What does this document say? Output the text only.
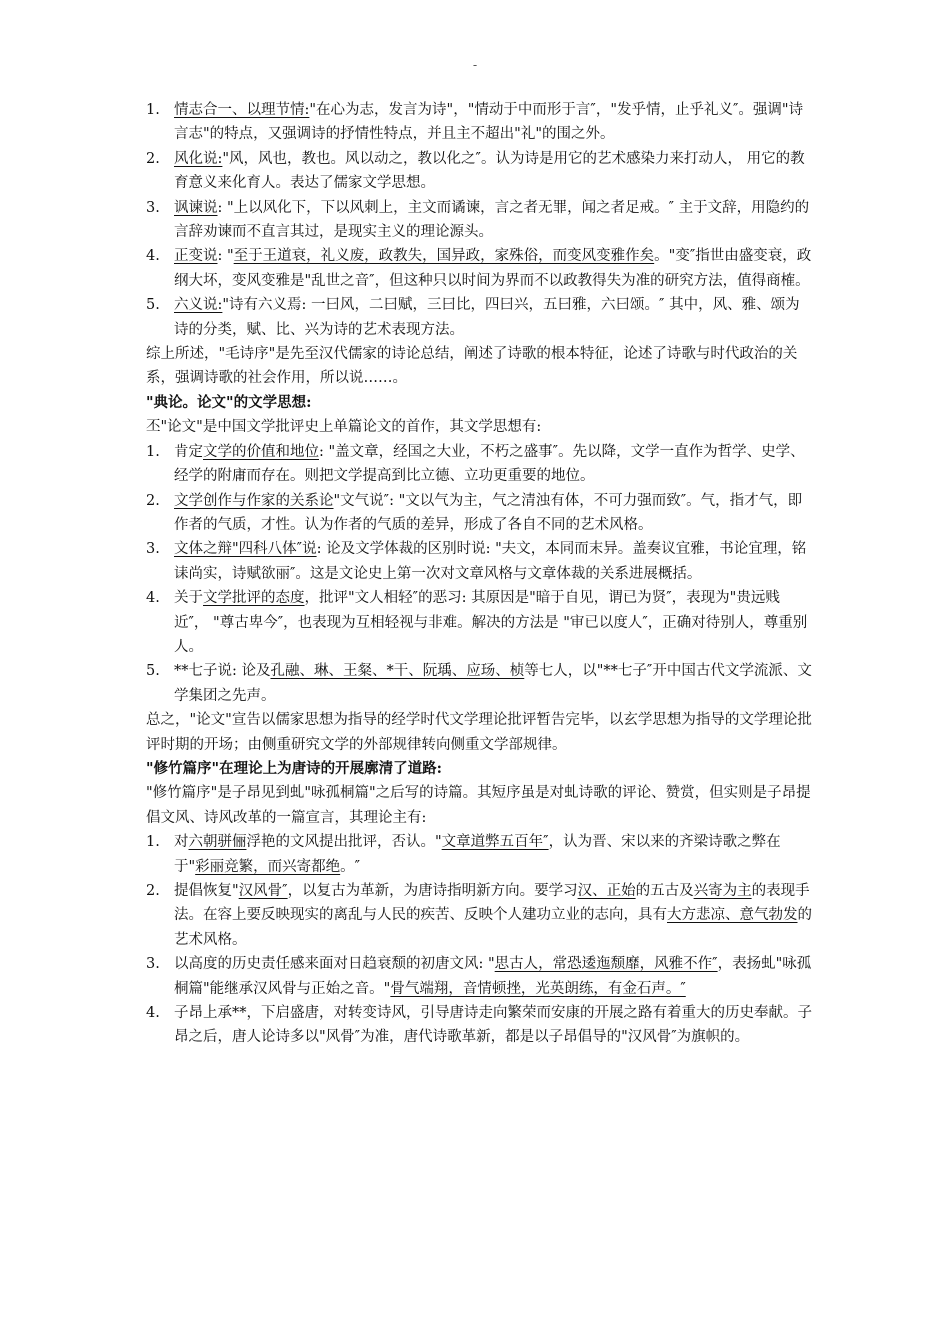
-
1. 情志合一、以理节情:"在心为志，发言为诗"，"情动于中而形于言″，"发乎情，止乎礼义″。强调"诗言志"的特点，又强调诗的抒情性特点，并且主不超出"礼"的围之外。
2. 风化说:"风，风也，教也。风以动之，教以化之″。认为诗是用它的艺术感染力来打动人， 用它的教育意义来化育人。表达了儒家文学思想。
3. 讽谏说: "上以风化下，下以风刺上，主文而谲谏，言之者无罪，闻之者足戒。″ 主于文辞，用隐约的言辞劝谏而不直言其过，是现实主义的理论源头。
4. 正变说: "至于王道衰，礼义废，政教失，国异政，家殊俗，而变风变雅作矣。"变″指世由盛变衰，政纲大坏，变风变雅是"乱世之音″，但这种只以时间为界而不以政教得失为准的研究方法，值得商榷。
5. 六义说:"诗有六义焉: 一曰风，二曰赋，三曰比，四曰兴，五曰雅，六曰颂。″ 其中，风、雅、颂为诗的分类，赋、比、兴为诗的艺术表现方法。

综上所述，"毛诗序"是先至汉代儒家的诗论总结，阐述了诗歌的根本特征，论述了诗歌与时代政治的关系，强调诗歌的社会作用，所以说……。

"典论。论文"的文学思想:

丕"论文"是中国文学批评史上单篇论文的首作，其文学思想有:

1. 肯定文学的价值和地位: "盖文章，经国之大业，不朽之盛事″。先以降，文学一直作为哲学、史学、经学的附庸而存在。则把文学提高到比立德、立功更重要的地位。
2. 文学创作与作家的关系论"文气说″: "文以气为主，气之清浊有体，不可力强而致″。气，指才气，即作者的气质，才性。认为作者的气质的差异，形成了各自不同的艺术风格。
3. 文体之辩"四科八体″说: 论及文学体裁的区别时说: "夫文，本同而末异。盖奏议宜雅，书论宜理，铭诔尚实，诗赋欲丽″。这是文论史上第一次对文章风格与文章体裁的关系进展概括。
4. 关于文学批评的态度，批评"文人相轻″的恶习: 其原因是"暗于自见，谓已为贤″，表现为"贵远贱近″， "尊古卑今″，也表现为互相轻视与非难。解决的方法是 "审已以度人″，正确对待别人，尊重别人。
5. **七子说: 论及孔融、琳、王粲、*干、阮瑀、应玚、桢等七人，以"**七子″开中国古代文学流派、文学集团之先声。

总之，"论文"宣告以儒家思想为指导的经学时代文学理论批评暂告完毕，以玄学思想为指导的文学理论批评时期的开场；由侧重研究文学的外部规律转向侧重文学部规律。

"修竹篇序"在理论上为唐诗的开展廓清了道路:

"修竹篇序"是子昂见到虬"咏孤桐篇"之后写的诗篇。其短序虽是对虬诗歌的评论、赞赏，但实则是子昂提倡文风、诗风改革的一篇宣言，其理论主有:

1. 对六朝骈俪浮艳的文风提出批评，否认。"文章道弊五百年″，认为晋、宋以来的齐梁诗歌之弊在于"彩丽竞繁，而兴寄都绝。″
2. 提倡恢复"汉风骨″，以复古为革新，为唐诗指明新方向。要学习汉、正始的五古及兴寄为主的表现手法。在容上要反映现实的离乱与人民的疾苦、反映个人建功立业的志向，具有大方悲凉、意气勃发的艺术风格。
3. 以高度的历史责任感来面对日趋衰颓的初唐文风: "思古人，常恐逶迤颓靡，风雅不作″，表扬虬"咏孤桐篇"能继承汉风骨与正始之音。"骨气端翔，音情顿挫，光英朗练，有金石声。″
4. 子昂上承**，下启盛唐，对转变诗风，引导唐诗走向繁荣而安康的开展之路有着重大的历史奉献。子昂之后，唐人论诗多以"风骨″为准，唐代诗歌革新，都是以子昂倡导的"汉风骨″为旗帜的。
